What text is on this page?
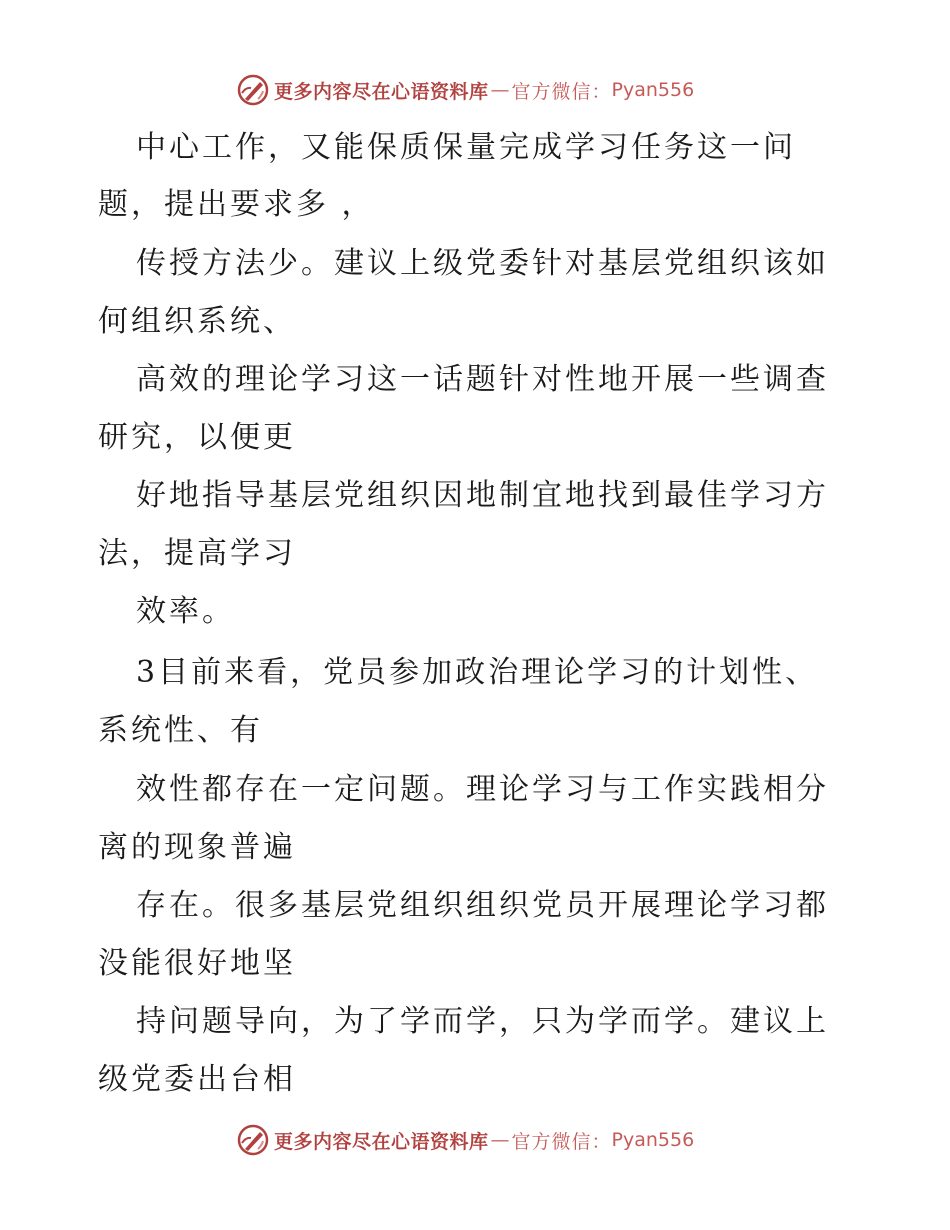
更多内容尽在心语资料库 — 官方微信： Pyan556
中心工作，又能保质保量完成学习任务这一问
题，提出要求多 ，
传授方法少。建议上级党委针对基层党组织该如
何组织系统、
高效的理论学习这一话题针对性地开展一些调查
研究，以便更
好地指导基层党组织因地制宜地找到最佳学习方
法，提高学习
效率。
3目前来看，党员参加政治理论学习的计划性、
系统性、有
效性都存在一定问题。理论学习与工作实践相分
离的现象普遍
存在。很多基层党组织组织党员开展理论学习都
没能很好地坚
持问题导向，为了学而学，只为学而学。建议上
级党委出台相
更多内容尽在心语资料库 — 官方微信： Pyan556
